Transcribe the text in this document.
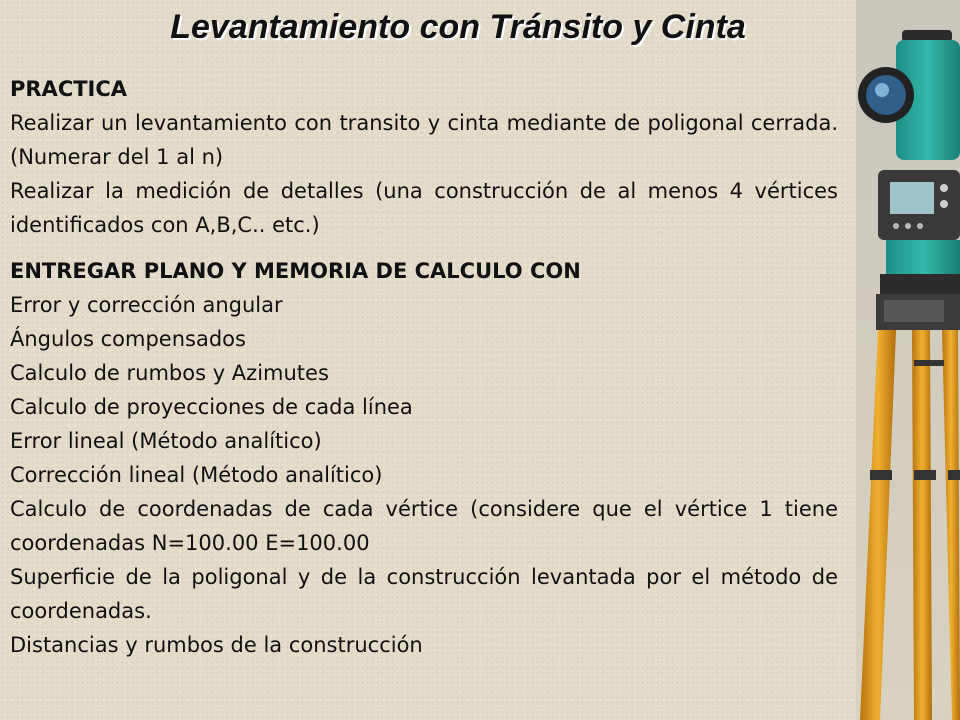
Levantamiento con Tránsito y Cinta
PRACTICA
Realizar un levantamiento con transito y cinta mediante de poligonal cerrada. (Numerar del 1 al n)
Realizar la medición de detalles (una construcción de al menos 4 vértices identificados con A,B,C.. etc.)
ENTREGAR PLANO Y MEMORIA DE CALCULO CON
Error y corrección angular
Ángulos compensados
Calculo de rumbos y Azimutes
Calculo de proyecciones de cada línea
Error lineal (Método analítico)
Corrección lineal (Método analítico)
Calculo de coordenadas de cada vértice (considere que el vértice 1 tiene coordenadas N=100.00 E=100.00
Superficie de la poligonal y de la construcción levantada por el método de coordenadas.
Distancias y rumbos de la construcción
